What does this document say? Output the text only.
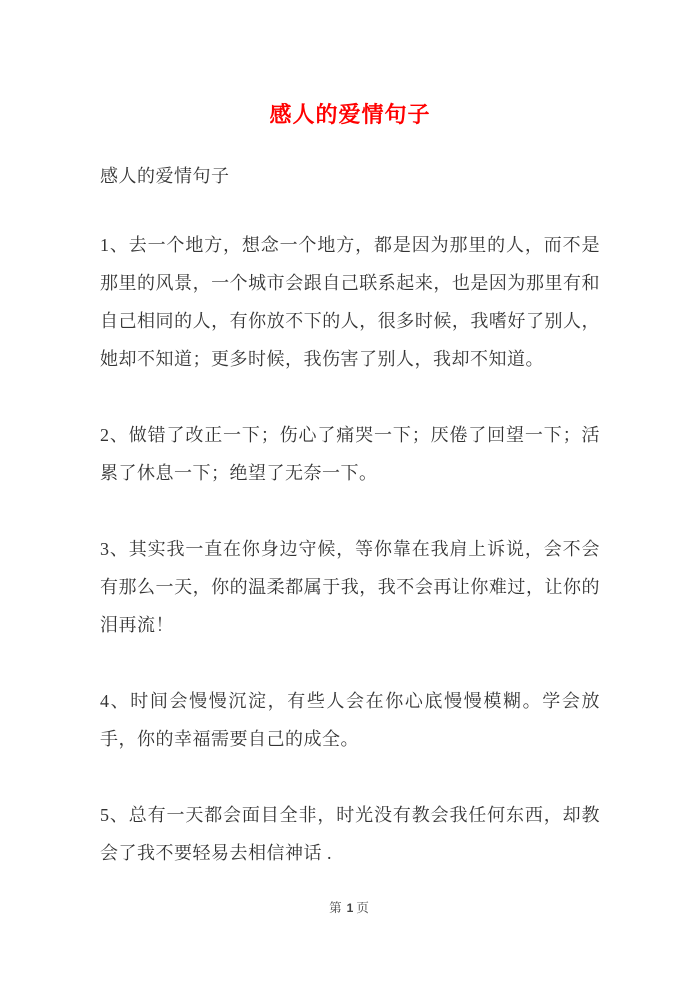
感人的爱情句子
感人的爱情句子

1、去一个地方，想念一个地方，都是因为那里的人，而不是那里的风景，一个城市会跟自己联系起来，也是因为那里有和自己相同的人，有你放不下的人，很多时候，我嗜好了别人，她却不知道；更多时候，我伤害了别人，我却不知道。

2、做错了改正一下；伤心了痛哭一下；厌倦了回望一下；活累了休息一下；绝望了无奈一下。

3、其实我一直在你身边守候，等你靠在我肩上诉说，会不会有那么一天，你的温柔都属于我，我不会再让你难过，让你的泪再流！

4、时间会慢慢沉淀，有些人会在你心底慢慢模糊。学会放手，你的幸福需要自己的成全。

5、总有一天都会面目全非，时光没有教会我任何东西，却教会了我不要轻易去相信神话 .

第 1 页
